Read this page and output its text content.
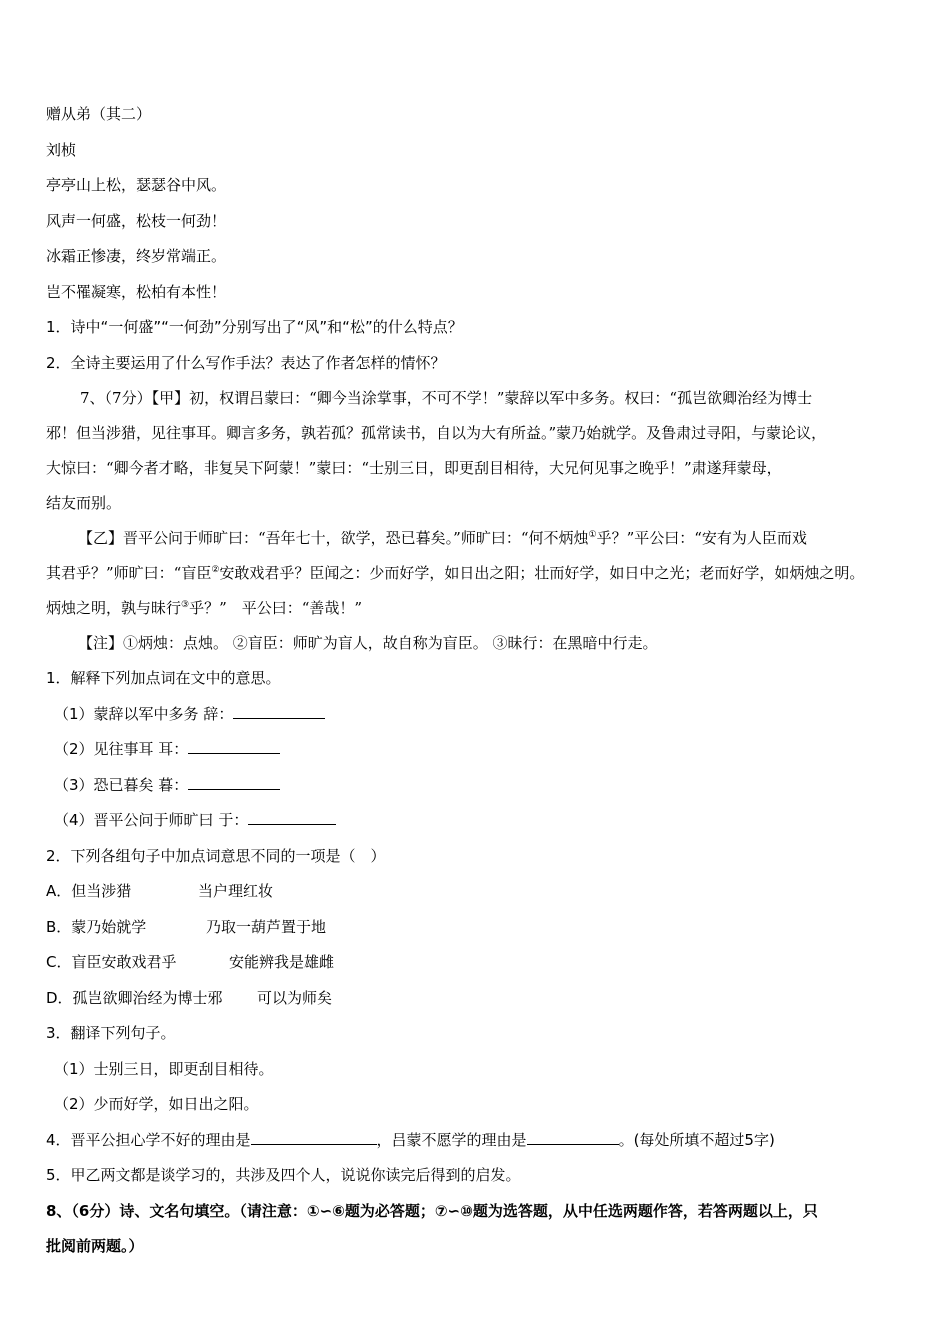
赠从弟（其二）
刘桢
亭亭山上松，瑟瑟谷中风。
风声一何盛，松枝一何劲！
冰霜正惨凄，终岁常端正。
岂不罹凝寒，松柏有本性！
1．诗中“一何盛”“一何劲”分别写出了“风”和“松”的什么特点？
2．全诗主要运用了什么写作手法？表达了作者怎样的情怀？
7、（7分）【甲】初，权谓吕蒙曰：“卿今当涂掌事，不可不学！”蒙辞以军中多务。权曰：“孤岂欲卿治经为博士
邪！但当涉猎，见往事耳。卿言多务，孰若孤？孤常读书，自以为大有所益。”蒙乃始就学。及鲁肃过寻阳，与蒙论议，
大惊曰：“卿今者才略，非复吴下阿蒙！”蒙曰：“士别三日，即更刮目相待，大兄何见事之晚乎！”肃遂拜蒙母，
结友而别。
【乙】晋平公问于师旷曰：“吾年七十，欲学，恐已暮矣。”师旷曰：“何不炳烛①乎？”平公曰：“安有为人臣而戏
其君乎？”师旷曰：“盲臣②安敢戏君乎？臣闻之：少而好学，如日出之阳；壮而好学，如日中之光；老而好学，如炳烛之明。
炳烛之明，孰与昧行③乎？”　平公曰：“善哉！”
【注】①炳烛：点烛。 ②盲臣：师旷为盲人，故自称为盲臣。 ③昧行：在黑暗中行走。
1．解释下列加点词在文中的意思。
（1）蒙辞以军中多务 辞：
（2）见往事耳 耳：
（3）恐已暮矣 暮：
（4）晋平公问于师旷曰 于：
2．下列各组句子中加点词意思不同的一项是（　）
A．但当涉猎	当户理红妆
B．蒙乃始就学	乃取一葫芦置于地
C．盲臣安敢戏君乎	安能辨我是雄雌
D．孤岂欲卿治经为博士邪 可以为师矣
3．翻译下列句子。
（1）士别三日，即更刮目相待。
（2）少而好学，如日出之阳。
4．晋平公担心学不好的理由是	，吕蒙不愿学的理由是	。(每处所填不超过5字)
5．甲乙两文都是谈学习的，共涉及四个人，说说你读完后得到的启发。
8、（6分）诗、文名句填空。（请注意：①∽⑥题为必答题；⑦∽⑩题为选答题，从中任选两题作答，若答两题以上，只
批阅前两题。）
